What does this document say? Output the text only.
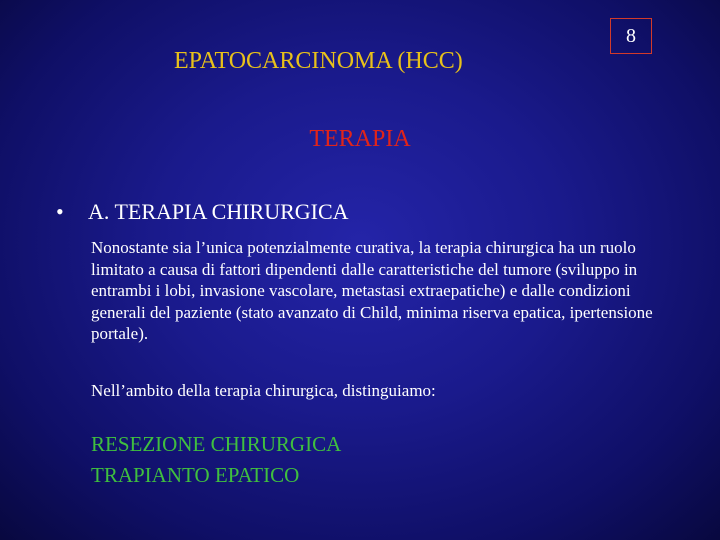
EPATOCARCINOMA (HCC)
8
TERAPIA
• A. TERAPIA CHIRURGICA
Nonostante sia l’unica potenzialmente curativa, la terapia chirurgica ha un ruolo limitato a causa di fattori dipendenti dalle caratteristiche del tumore (sviluppo in entrambi i lobi, invasione vascolare, metastasi extraepatiche) e dalle condizioni generali del paziente (stato avanzato di Child, minima riserva epatica, ipertensione portale).
Nell’ambito della terapia chirurgica, distinguiamo:
RESEZIONE CHIRURGICA
TRAPIANTO EPATICO
